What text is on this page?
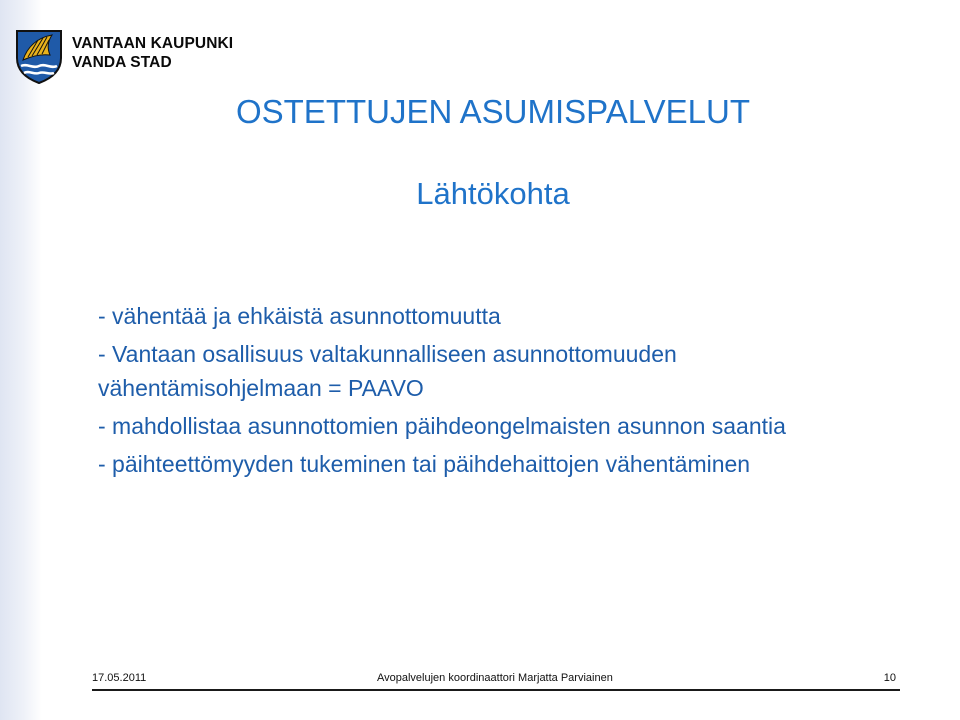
VANTAAN KAUPUNKI
VANDA STAD
OSTETTUJEN ASUMISPALVELUT
Lähtökohta
- vähentää ja ehkäistä asunnottomuutta
- Vantaan osallisuus valtakunnalliseen asunnottomuuden vähentämisohjelmaan = PAAVO
- mahdollistaa asunnottomien päihdeongelmaisten asunnon saantia
- päihteettömyyden tukeminen tai päihdehaittojen vähentäminen
17.05.2011	Avopalvelujen koordinaattori Marjatta Parviainen	10
